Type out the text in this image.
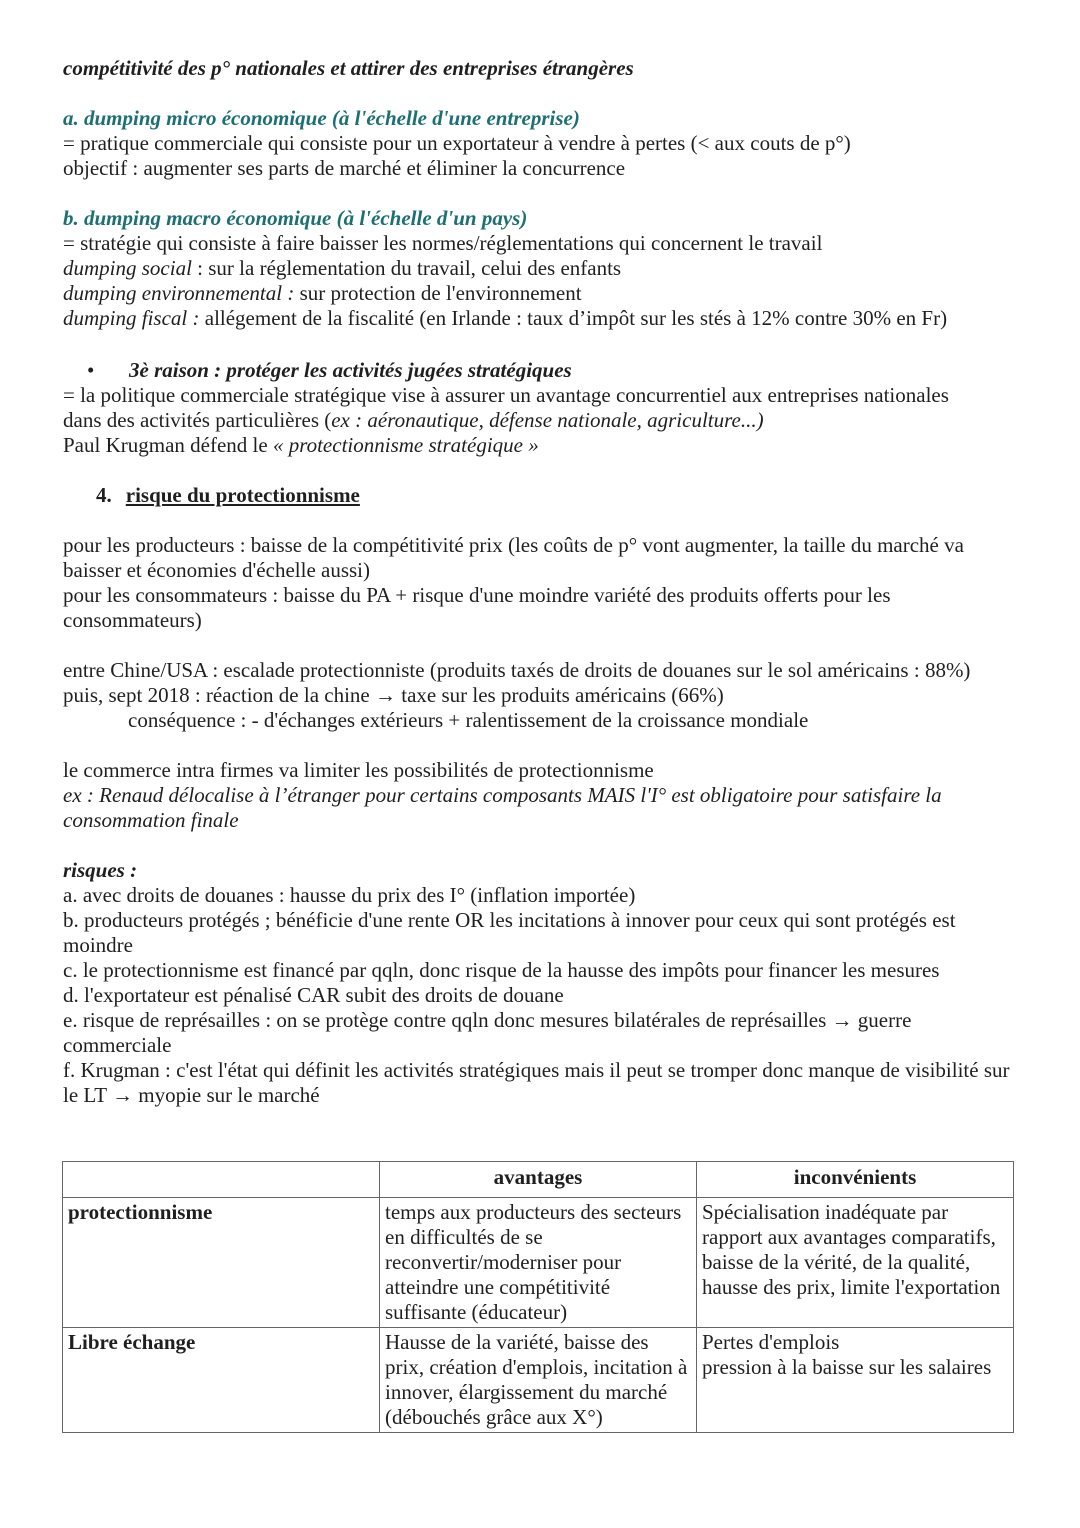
compétitivité des p° nationales et attirer des entreprises étrangères
a. dumping micro économique (à l'échelle d'une entreprise)
= pratique commerciale qui consiste pour un exportateur à vendre à pertes (< aux couts de p°)
objectif : augmenter ses parts de marché et éliminer la concurrence
b. dumping macro économique (à l'échelle d'un pays)
= stratégie qui consiste à faire baisser les normes/réglementations qui concernent le travail
dumping social : sur la réglementation du travail, celui des enfants
dumping environnemental : sur protection de l'environnement
dumping fiscal : allégement de la fiscalité (en Irlande : taux d’impôt sur les stés à 12% contre 30% en Fr)
• 3è raison : protéger les activités jugées stratégiques
= la politique commerciale stratégique vise à assurer un avantage concurrentiel aux entreprises nationales
dans des activités particulières (ex : aéronautique, défense nationale, agriculture...)
Paul Krugman défend le « protectionnisme stratégique »
4. risque du protectionnisme
pour les producteurs : baisse de la compétitivité prix (les coûts de p° vont augmenter, la taille du marché va baisser et économies d'échelle aussi)
pour les consommateurs : baisse du PA + risque d'une moindre variété des produits offerts pour les consommateurs)
entre Chine/USA : escalade protectionniste (produits taxés de droits de douanes sur le sol américains : 88%)
puis, sept 2018 : réaction de la chine → taxe sur les produits américains (66%)
conséquence : - d'échanges extérieurs + ralentissement de la croissance mondiale
le commerce intra firmes va limiter les possibilités de protectionnisme
ex : Renaud délocalise à l’étranger pour certains composants MAIS l'I° est obligatoire pour satisfaire la consommation finale
risques :
a. avec droits de douanes : hausse du prix des I° (inflation importée)
b. producteurs protégés ; bénéficie d'une rente OR les incitations à innover pour ceux qui sont protégés est moindre
c. le protectionnisme est financé par qqln, donc risque de la hausse des impôts pour financer les mesures
d. l'exportateur est pénalisé CAR subit des droits de douane
e. risque de représailles : on se protège contre qqln donc mesures bilatérales de représailles → guerre commerciale
f. Krugman : c'est l'état qui définit les activités stratégiques mais il peut se tromper donc manque de visibilité sur le LT → myopie sur le marché
	avantages	inconvénients
protectionnisme	temps aux producteurs des secteurs en difficultés de se reconvertir/moderniser pour atteindre une compétitivité suffisante (éducateur)	Spécialisation inadéquate par rapport aux avantages comparatifs, baisse de la vérité, de la qualité, hausse des prix, limite l'exportation
Libre échange	Hausse de la variété, baisse des prix, création d'emplois, incitation à innover, élargissement du marché (débouchés grâce aux X°)	Pertes d'emplois
pression à la baisse sur les salaires
